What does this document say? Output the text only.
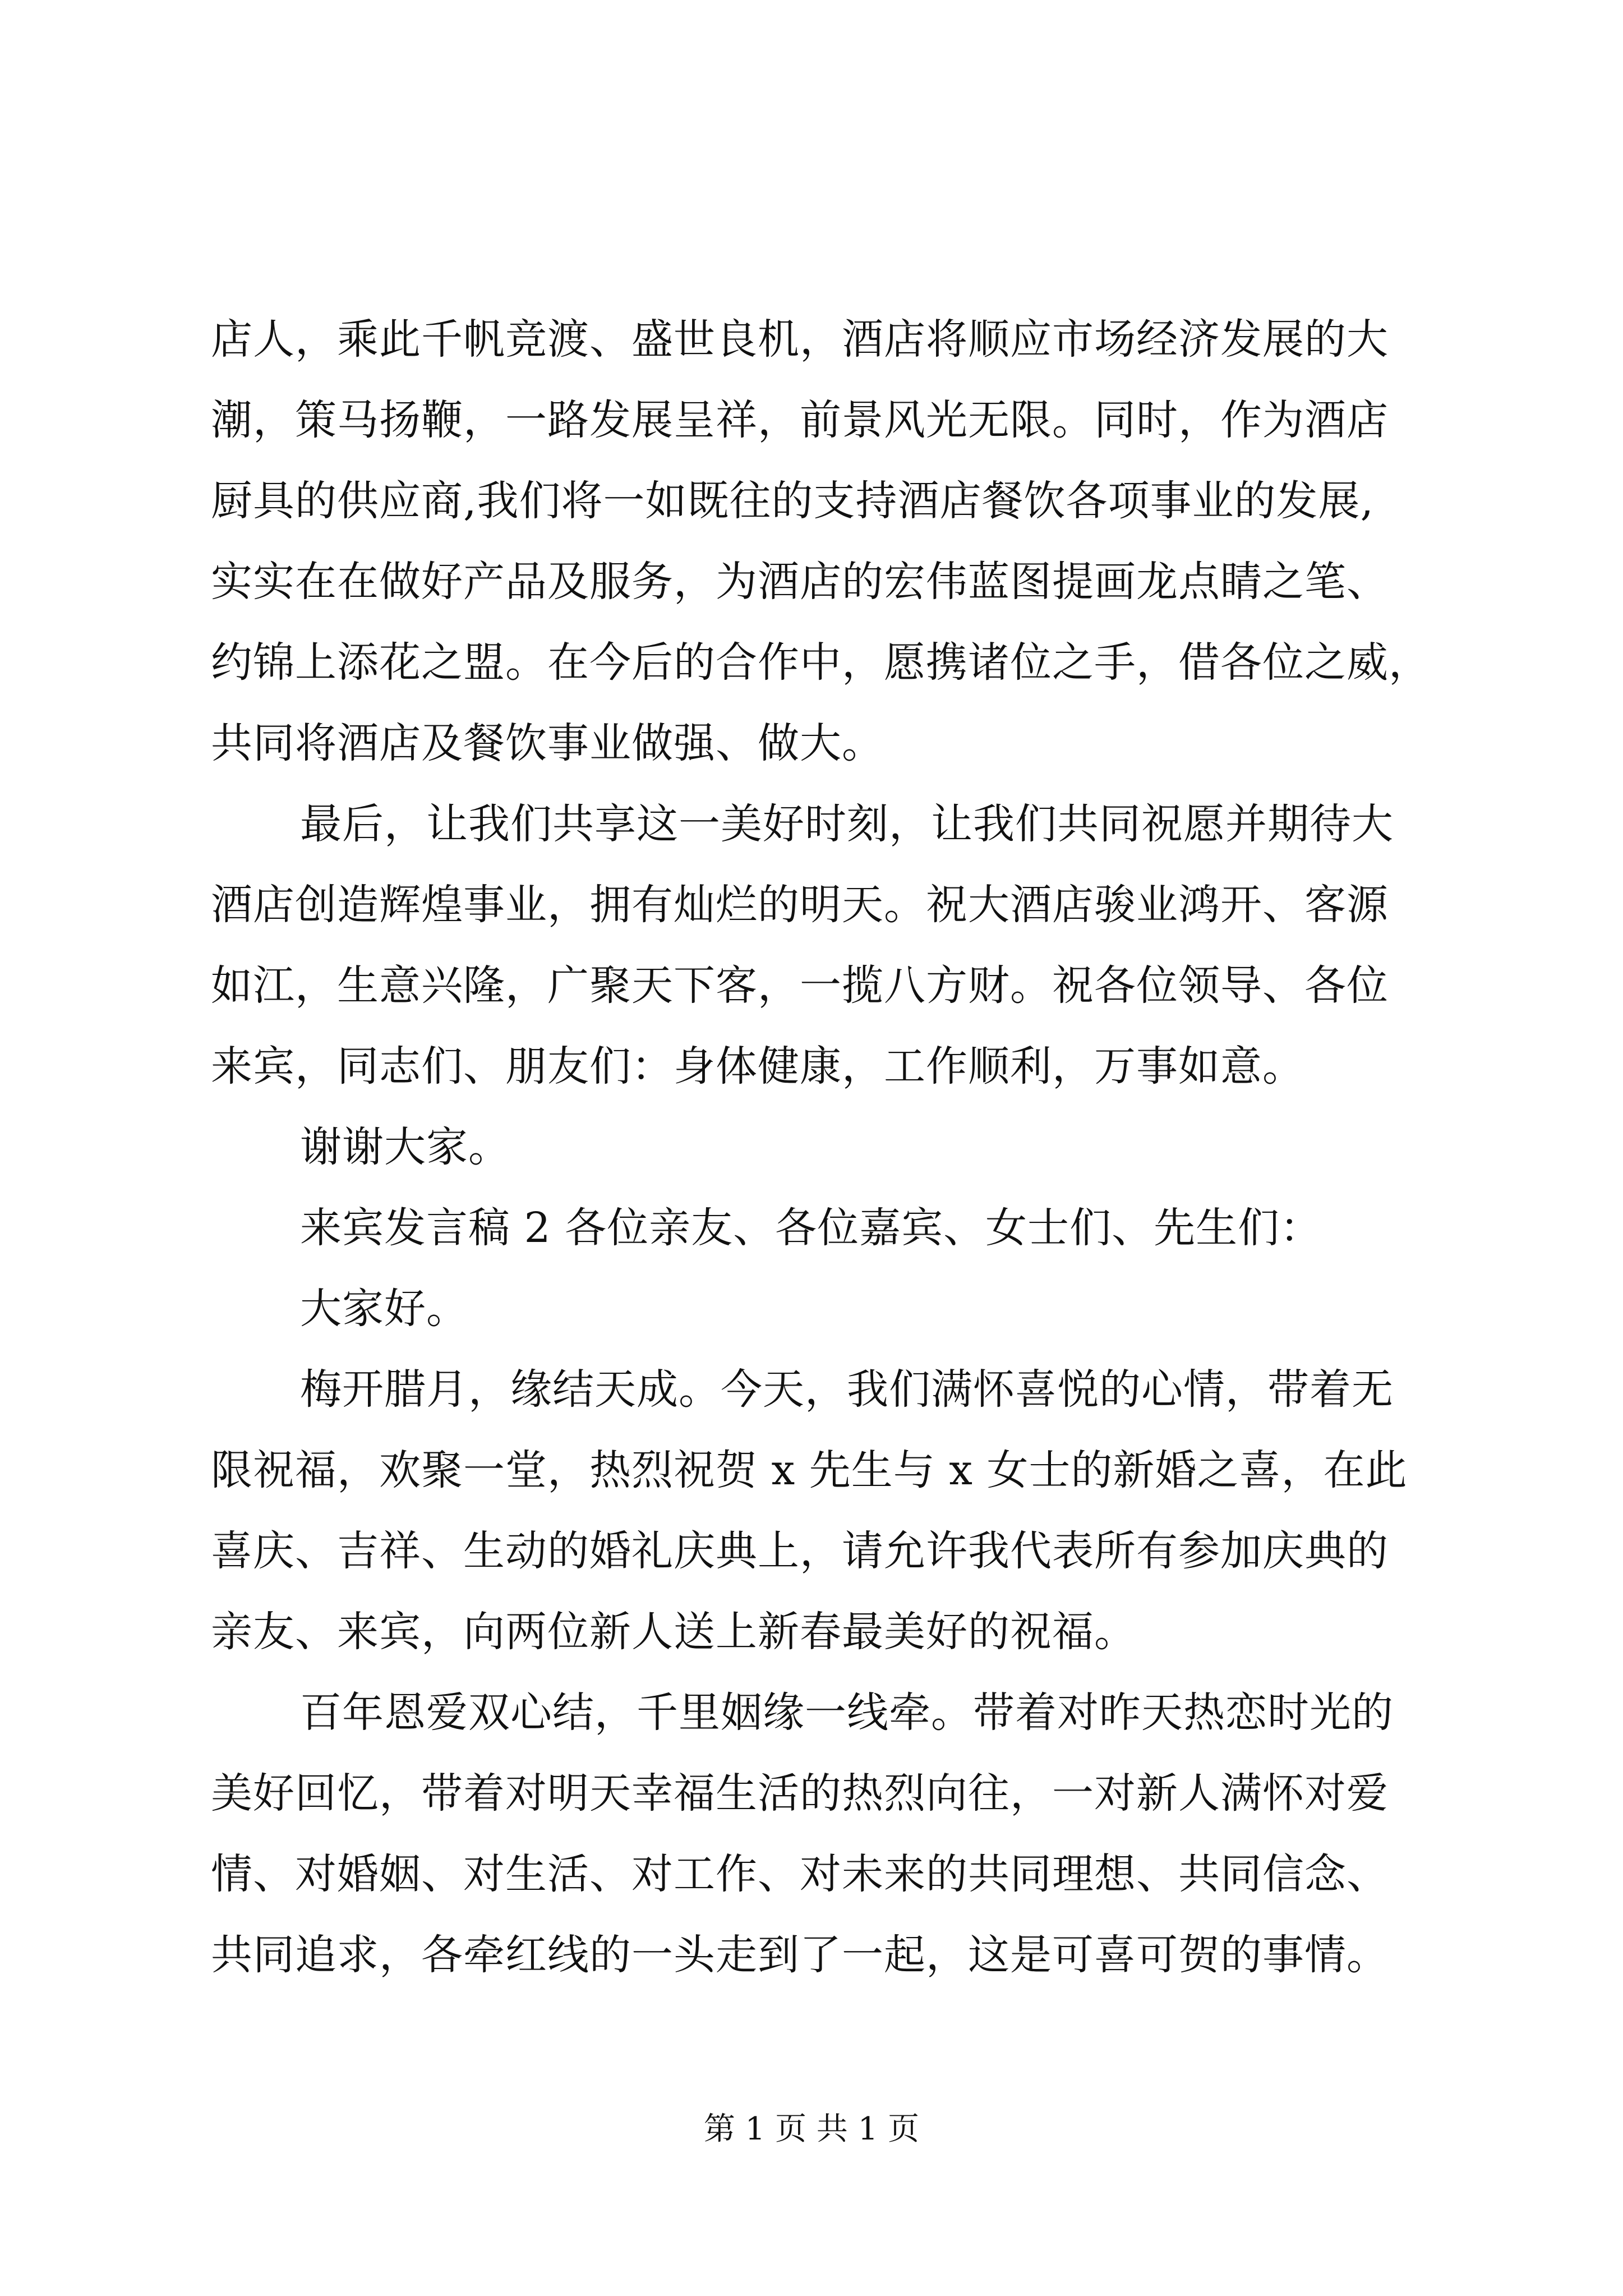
店人，乘此千帆竞渡、盛世良机，酒店将顺应市场经济发展的大
潮，策马扬鞭，一路发展呈祥，前景风光无限。同时，作为酒店
厨具的供应商,我们将一如既往的支持酒店餐饮各项事业的发展,
实实在在做好产品及服务，为酒店的宏伟蓝图提画龙点睛之笔、
约锦上添花之盟。在今后的合作中，愿携诸位之手，借各位之威，
共同将酒店及餐饮事业做强、做大。
最后，让我们共享这一美好时刻，让我们共同祝愿并期待大
酒店创造辉煌事业，拥有灿烂的明天。祝大酒店骏业鸿开、客源
如江，生意兴隆，广聚天下客，一揽八方财。祝各位领导、各位
来宾，同志们、朋友们：身体健康，工作顺利，万事如意。
谢谢大家。
来宾发言稿 2 各位亲友、各位嘉宾、女士们、先生们：
大家好。
梅开腊月，缘结天成。今天，我们满怀喜悦的心情，带着无
限祝福，欢聚一堂，热烈祝贺 x 先生与 x 女士的新婚之喜，在此
喜庆、吉祥、生动的婚礼庆典上，请允许我代表所有参加庆典的
亲友、来宾，向两位新人送上新春最美好的祝福。
百年恩爱双心结，千里姻缘一线牵。带着对昨天热恋时光的
美好回忆，带着对明天幸福生活的热烈向往，一对新人满怀对爱
情、对婚姻、对生活、对工作、对未来的共同理想、共同信念、
共同追求，各牵红线的一头走到了一起，这是可喜可贺的事情。
第 1 页 共 1 页
